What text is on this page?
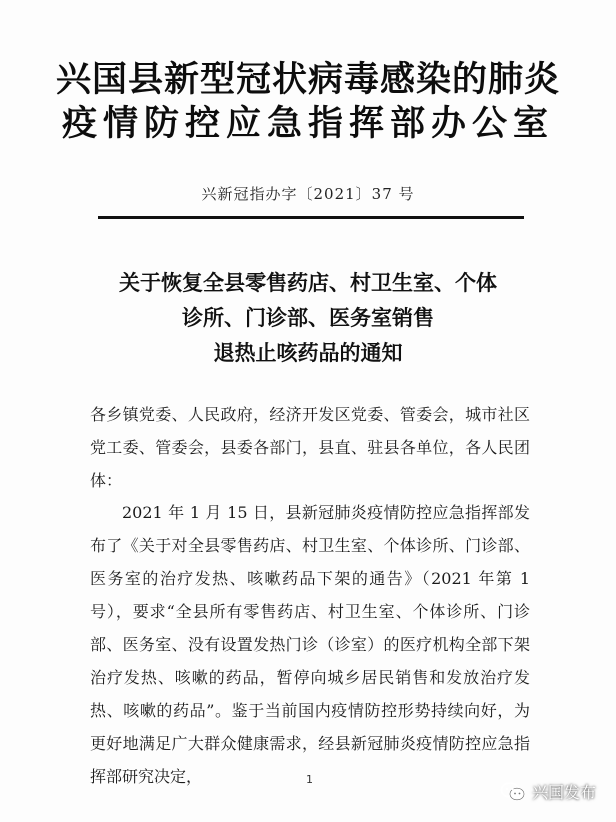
兴国县新型冠状病毒感染的肺炎
疫情防控应急指挥部办公室
兴新冠指办字〔2021〕37 号
关于恢复全县零售药店、村卫生室、个体
诊所、门诊部、医务室销售
退热止咳药品的通知
各乡镇党委、人民政府，经济开发区党委、管委会，城市社区党工委、管委会，县委各部门，县直、驻县各单位，各人民团体：
2021 年 1 月 15 日，县新冠肺炎疫情防控应急指挥部发布了《关于对全县零售药店、村卫生室、个体诊所、门诊部、医务室的治疗发热、咳嗽药品下架的通告》（2021 年第 1 号），要求“全县所有零售药店、村卫生室、个体诊所、门诊部、医务室、没有设置发热门诊（诊室）的医疗机构全部下架治疗发热、咳嗽的药品，暂停向城乡居民销售和发放治疗发热、咳嗽的药品”。鉴于当前国内疫情防控形势持续向好，为更好地满足广大群众健康需求，经县新冠肺炎疫情防控应急指挥部研究决定，	1
兴国发布
